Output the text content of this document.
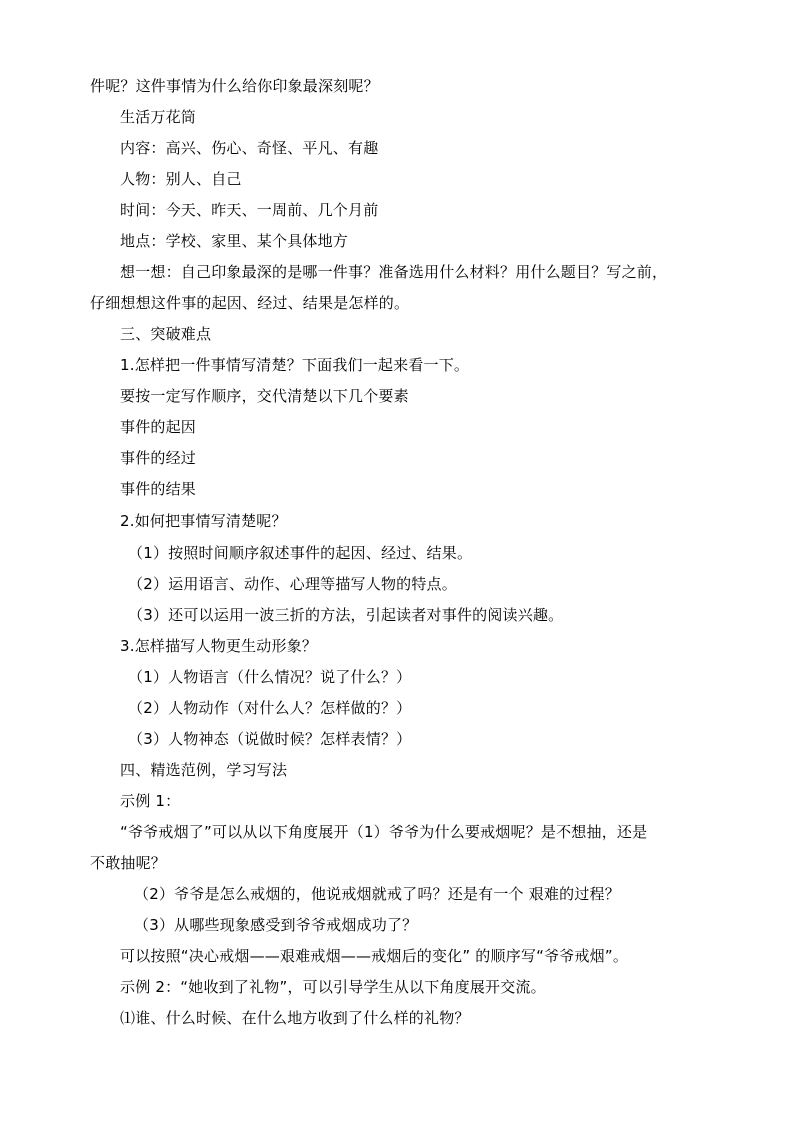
件呢？这件事情为什么给你印象最深刻呢？
生活万花筒
内容：高兴、伤心、奇怪、平凡、有趣
人物：别人、自己
时间：今天、昨天、一周前、几个月前
地点：学校、家里、某个具体地方
想一想：自己印象最深的是哪一件事？准备选用什么材料？用什么题目？写之前，
仔细想想这件事的起因、经过、结果是怎样的。
三、突破难点
1.怎样把一件事情写清楚？下面我们一起来看一下。
要按一定写作顺序，交代清楚以下几个要素
事件的起因
事件的经过
事件的结果
2.如何把事情写清楚呢？
（1）按照时间顺序叙述事件的起因、经过、结果。
（2）运用语言、动作、心理等描写人物的特点。
（3）还可以运用一波三折的方法，引起读者对事件的阅读兴趣。
3.怎样描写人物更生动形象？
（1）人物语言（什么情况？说了什么？）
（2）人物动作（对什么人？怎样做的？）
（3）人物神态（说做时候？怎样表情？）
四、精选范例，学习写法
示例 1：
“爷爷戒烟了”可以从以下角度展开（1）爷爷为什么要戒烟呢？是不想抽，还是
不敢抽呢？
（2）爷爷是怎么戒烟的，他说戒烟就戒了吗？还是有一个 艰难的过程？
（3）从哪些现象感受到爷爷戒烟成功了？
可以按照“决心戒烟——艰难戒烟——戒烟后的变化” 的顺序写“爷爷戒烟”。
示例 2：“她收到了礼物”，可以引导学生从以下角度展开交流。
⑴谁、什么时候、在什么地方收到了什么样的礼物？
